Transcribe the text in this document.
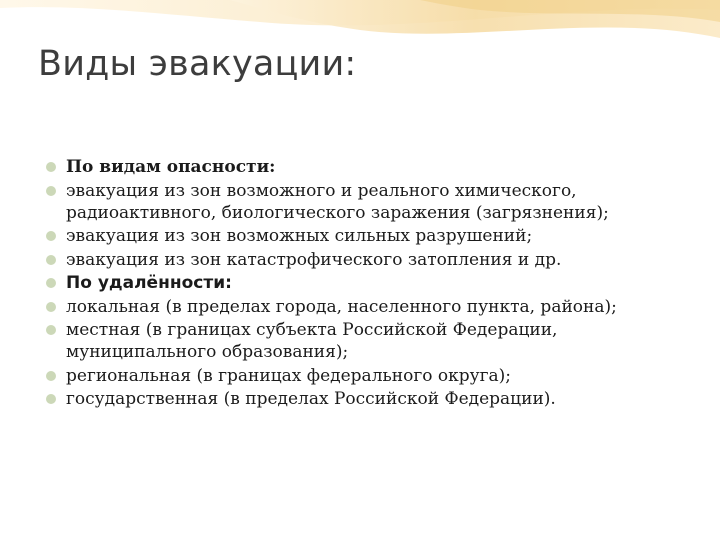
Виды эвакуации:
По видам опасности:
эвакуация из зон возможного и реального химического, радиоактивного, биологического заражения (загрязнения);
эвакуация из зон возможных сильных разрушений;
эвакуация из зон катастрофического затопления и др.
По удалённости:
локальная (в пределах города, населенного пункта, района);
местная (в границах субъекта Российской Федерации, муниципального образования);
региональная (в границах федерального округа);
государственная (в пределах Российской Федерации).
